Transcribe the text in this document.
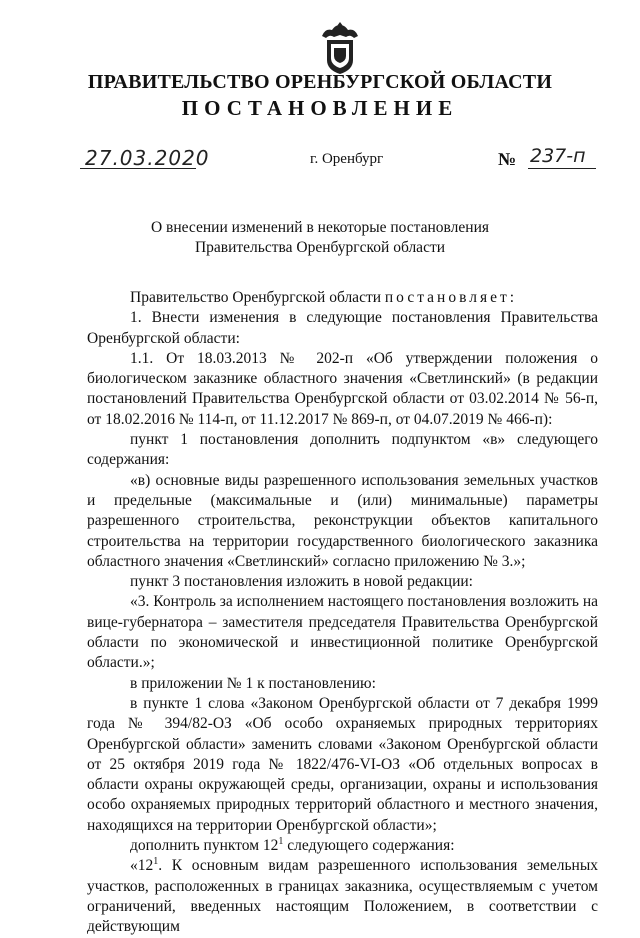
ПРАВИТЕЛЬСТВО ОРЕНБУРГСКОЙ ОБЛАСТИ
ПОСТАНОВЛЕНИЕ
27.03.2020	г. Оренбург	№ 237-п
О внесении изменений в некоторые постановления
Правительства Оренбургской области

Правительство Оренбургской области постановляет:

1. Внести изменения в следующие постановления Правительства Оренбургской области:

1.1. От 18.03.2013 № 202-п «Об утверждении положения о биологическом заказнике областного значения «Светлинский» (в редакции постановлений Правительства Оренбургской области от 03.02.2014 № 56-п, от 18.02.2016 № 114-п, от 11.12.2017 № 869-п, от 04.07.2019 № 466-п):

пункт 1 постановления дополнить подпунктом «в» следующего содержания:

«в) основные виды разрешенного использования земельных участков и предельные (максимальные и (или) минимальные) параметры разрешенного строительства, реконструкции объектов капитального строительства на территории государственного биологического заказника областного значения «Светлинский» согласно приложению № 3.»;

пункт 3 постановления изложить в новой редакции:

«3. Контроль за исполнением настоящего постановления возложить на вице-губернатора – заместителя председателя Правительства Оренбургской области по экономической и инвестиционной политике Оренбургской области.»;

в приложении № 1 к постановлению:

в пункте 1 слова «Законом Оренбургской области от 7 декабря 1999 года № 394/82-ОЗ «Об особо охраняемых природных территориях Оренбургской области» заменить словами «Законом Оренбургской области от 25 октября 2019 года № 1822/476-VI-ОЗ «Об отдельных вопросах в области охраны окружающей среды, организации, охраны и использования особо охраняемых природных территорий областного и местного значения, находящихся на территории Оренбургской области»;

дополнить пунктом $12^1$ следующего содержания:

«$12^1$. К основным видам разрешенного использования земельных участков, расположенных в границах заказника, осуществляемым с учетом ограничений, введенных настоящим Положением, в соответствии с действующим
